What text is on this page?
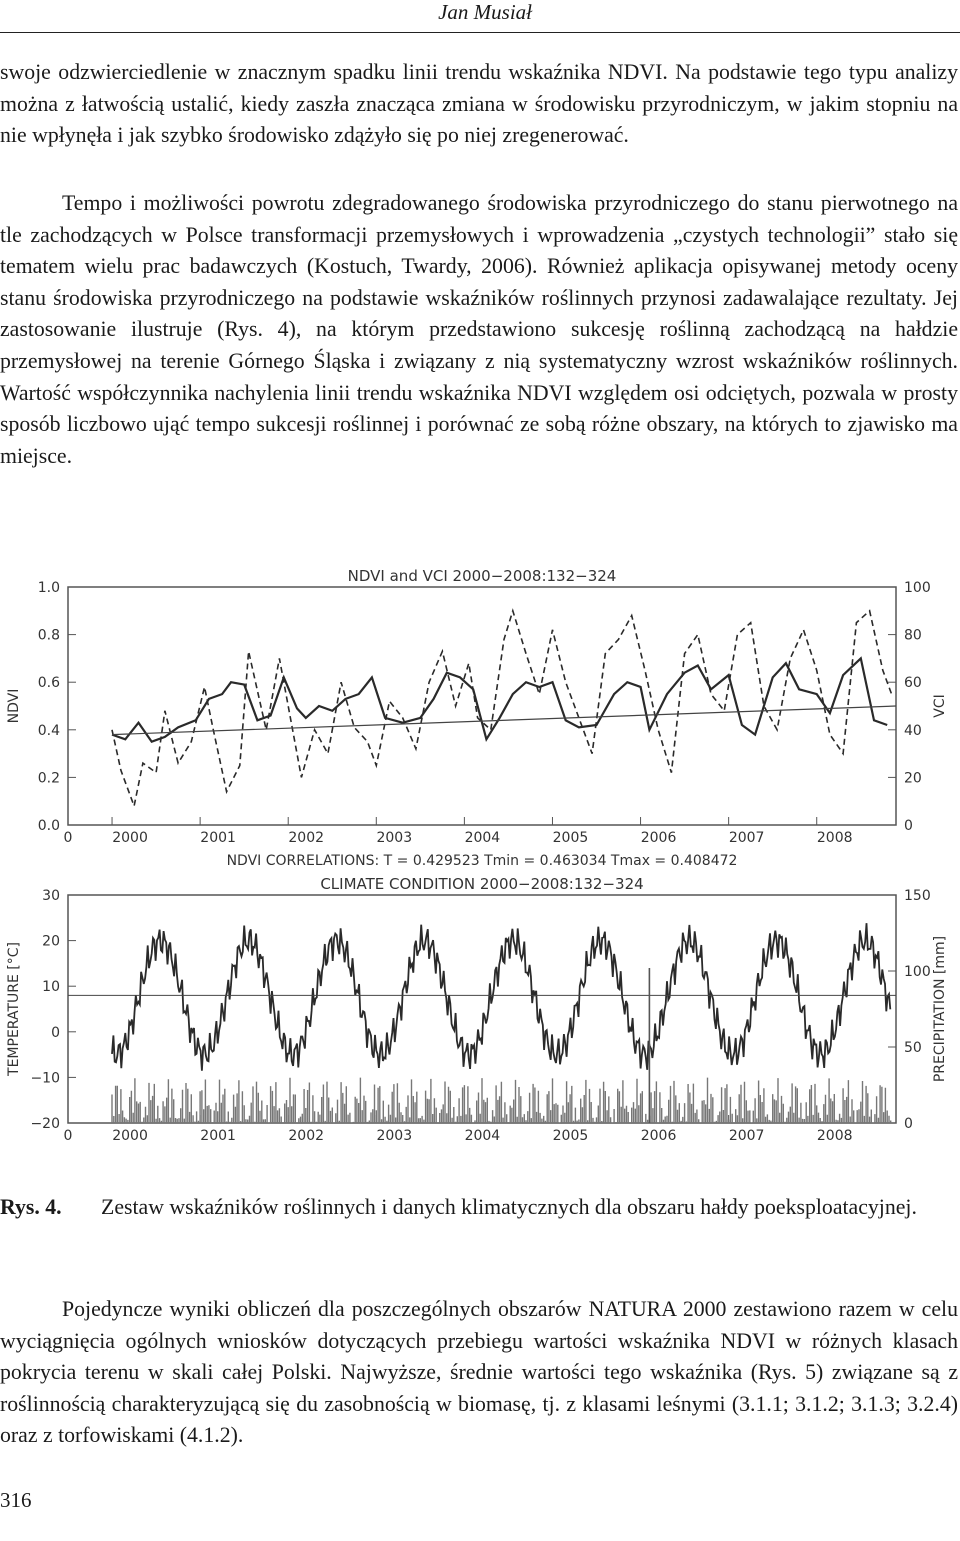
Jan Musiał

swoje odzwierciedlenie w znacznym spadku linii trendu wskaźnika NDVI. Na podstawie tego typu analizy można z łatwością ustalić, kiedy zaszła znacząca zmiana w środowisku przyrodniczym, w jakim stopniu na nie wpłynęła i jak szybko środowisko zdążyło się po niej zregenerować.

Tempo i możliwości powrotu zdegradowanego środowiska przyrodniczego do stanu pierwotnego na tle zachodzących w Polsce transformacji przemysłowych i wprowadzenia „czystych technologii” stało się tematem wielu prac badawczych (Kostuch, Twardy, 2006). Również aplikacja opisywanej metody oceny stanu środowiska przyrodniczego na podstawie wskaźników roślinnych przynosi zadawalające rezultaty. Jej zastosowanie ilustruje (Rys. 4), na którym przedstawiono sukcesję roślinną zachodzącą na hałdzie przemysłowej na terenie Górnego Śląska i związany z nią systematyczny wzrost wskaźników roślinnych. Wartość współczynnika nachylenia linii trendu wskaźnika NDVI względem osi odciętych, pozwala w prosty sposób liczbowo ująć tempo sukcesji roślinnej i porównać ze sobą różne obszary, na których to zjawisko ma miejsce.

NDVI and VCI 2000−2008:132−324
0.0
0.2
0.4
0.6
0.8
1.0
0
20
40
60
80
100
0	2000	2001	2002	2003	2004	2005	2006	2007	2008
NDVI	VCI
NDVI CORRELATIONS: T = 0.429523 Tmin = 0.463034 Tmax = 0.408472
CLIMATE CONDITION 2000−2008:132−324
−20
−10
0
10
20
30
0
50
100
150
0	2000	2001	2002	2003	2004	2005	2006	2007	2008
TEMPERATURE [°C]	PRECIPITATION [mm]
Rys. 4. Zestaw wskaźników roślinnych i danych klimatycznych dla obszaru hałdy poeksploatacyjnej.

Pojedyncze wyniki obliczeń dla poszczególnych obszarów NATURA 2000 zestawiono razem w celu wyciągnięcia ogólnych wniosków dotyczących przebiegu wartości wskaźnika NDVI w różnych klasach pokrycia terenu w skali całej Polski. Najwyższe, średnie wartości tego wskaźnika (Rys. 5) związane są z roślinnością charakteryzującą się du zasobnością w biomasę, tj. z klasami leśnymi (3.1.1; 3.1.2; 3.1.3; 3.2.4) oraz z torfowiskami (4.1.2).

316
